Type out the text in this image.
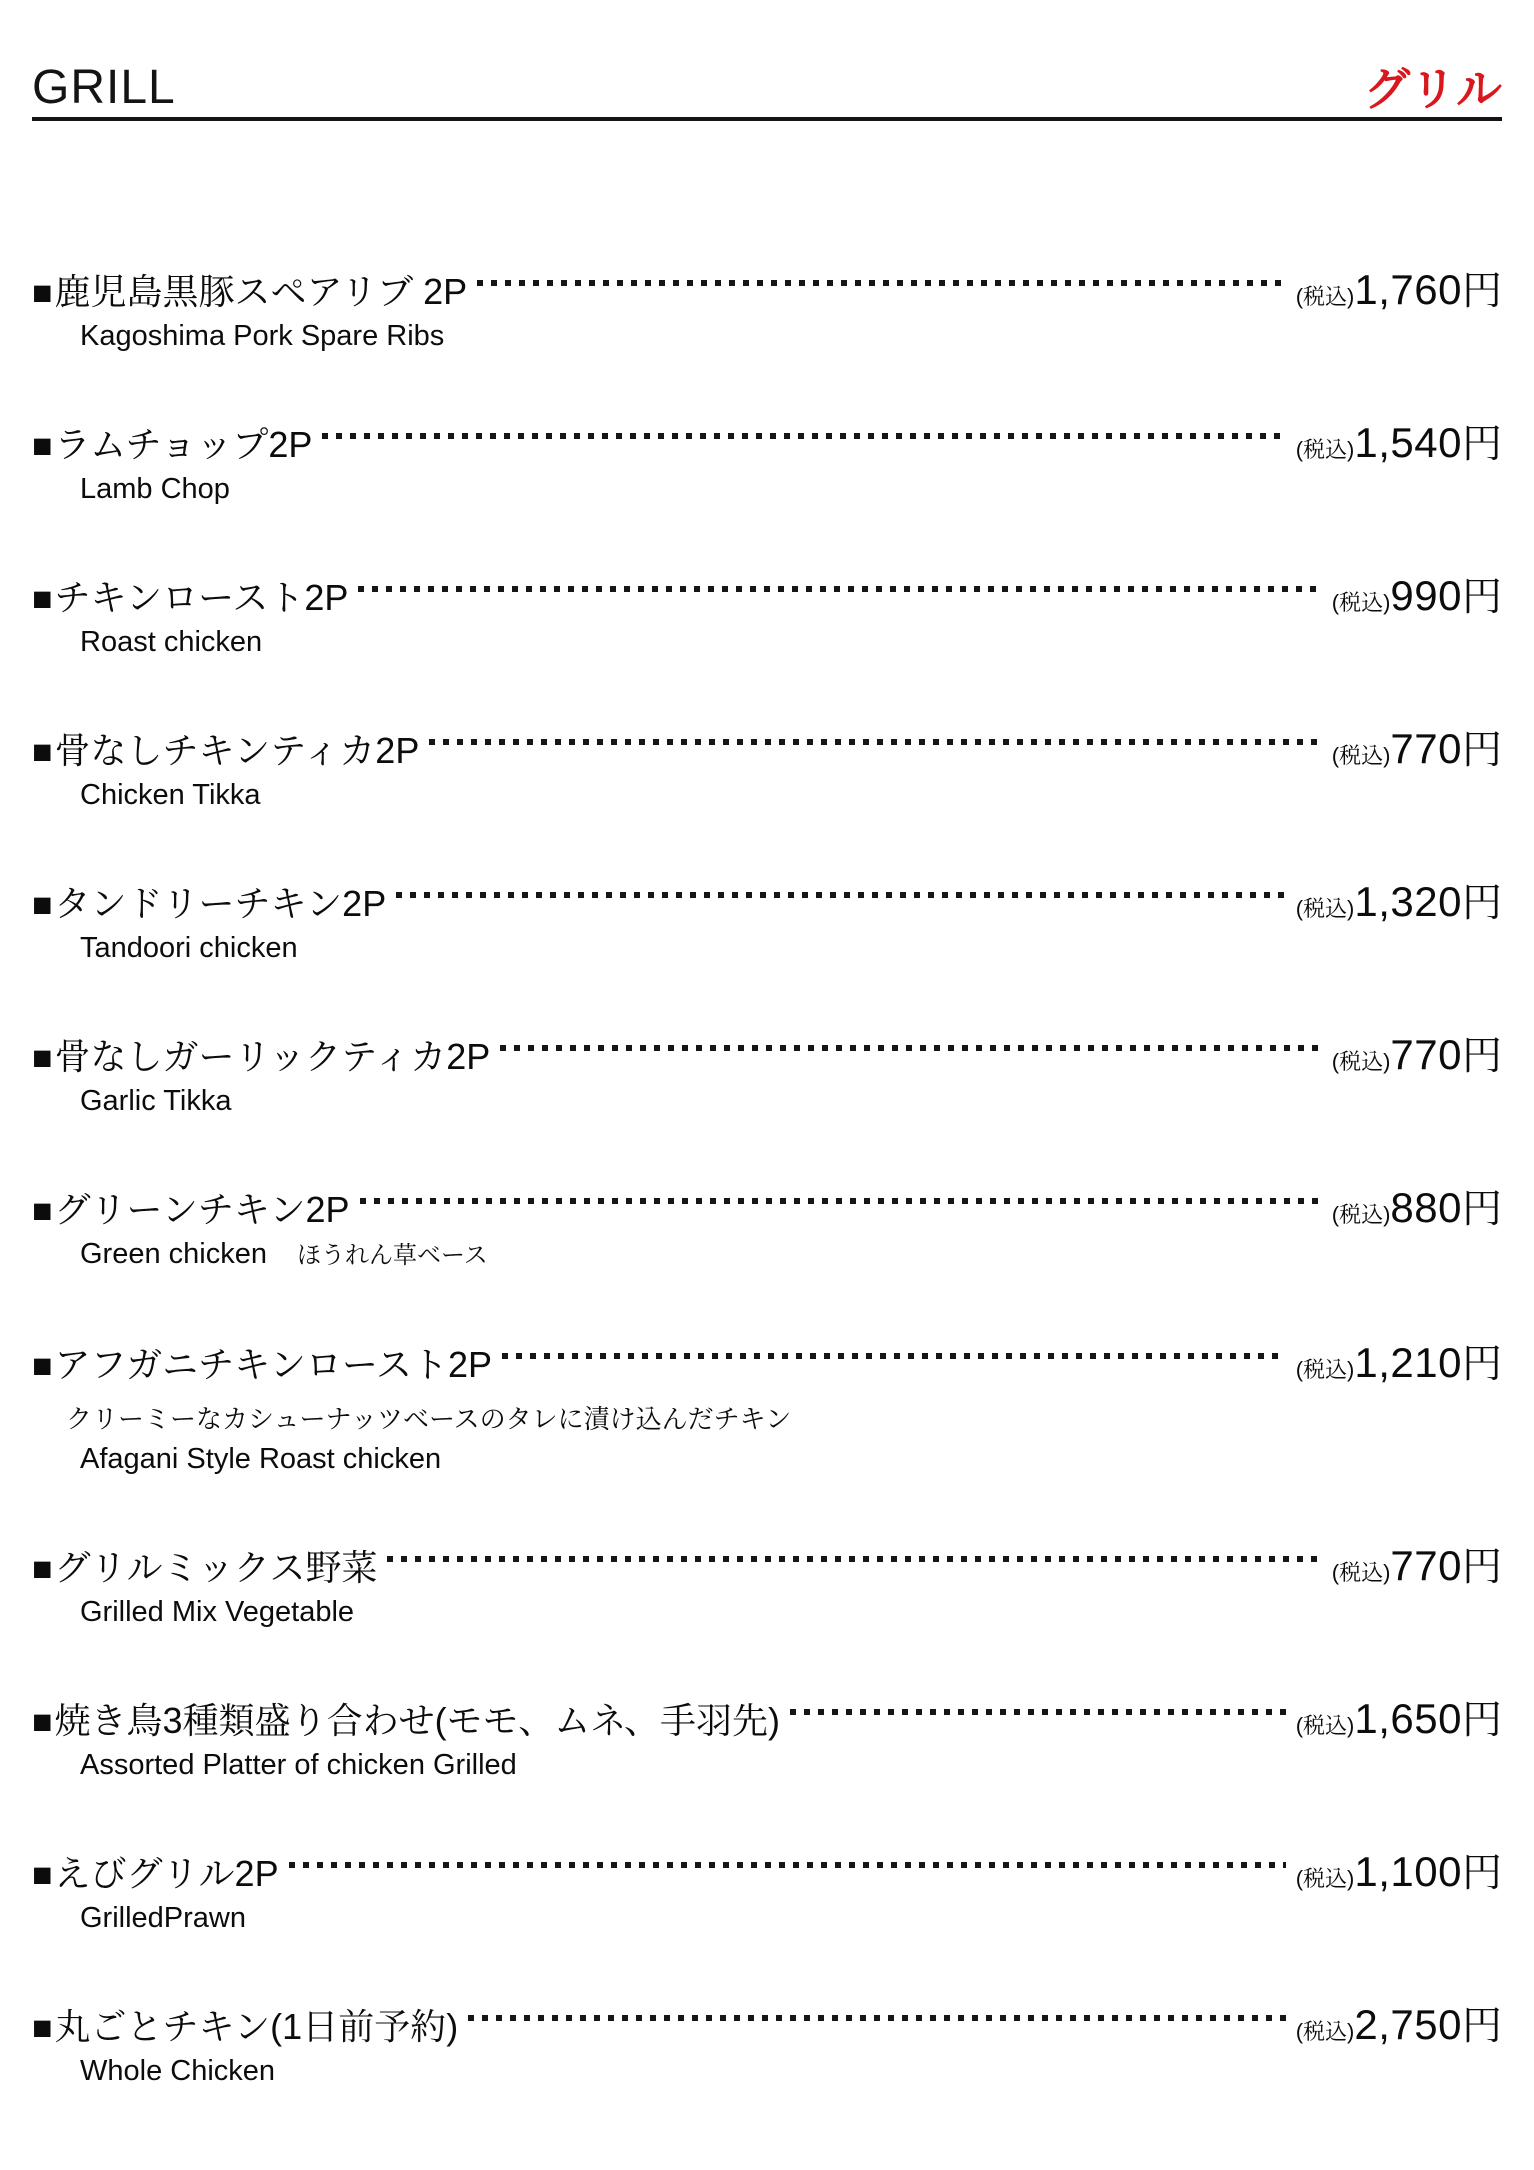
GRILL	グリル
■鹿児島黒豚スペアリブ 2P	(税込) 1,760 円
Kagoshima Pork Spare Ribs
■ラムチョップ2P	(税込) 1,540 円
Lamb Chop
■チキンロースト2P	(税込) 990 円
Roast chicken
■骨なしチキンティカ2P	(税込) 770 円
Chicken Tikka
■タンドリーチキン2P	(税込) 1,320 円
Tandoori chicken
■骨なしガーリックティカ2P	(税込) 770 円
Garlic Tikka
■グリーンチキン2P	(税込) 880 円
Green chicken ほうれん草ベース
■アフガニチキンロースト2P	(税込) 1,210 円
クリーミーなカシューナッツベースのタレに漬け込んだチキン
Afagani Style Roast chicken
■グリルミックス野菜	(税込) 770 円
Grilled Mix Vegetable
■焼き鳥3種類盛り合わせ(モモ、ムネ、手羽先)	(税込) 1,650 円
Assorted Platter of chicken Grilled
■えびグリル2P	(税込) 1,100 円
GrilledPrawn
■丸ごとチキン(1日前予約)	(税込) 2,750 円
Whole Chicken
